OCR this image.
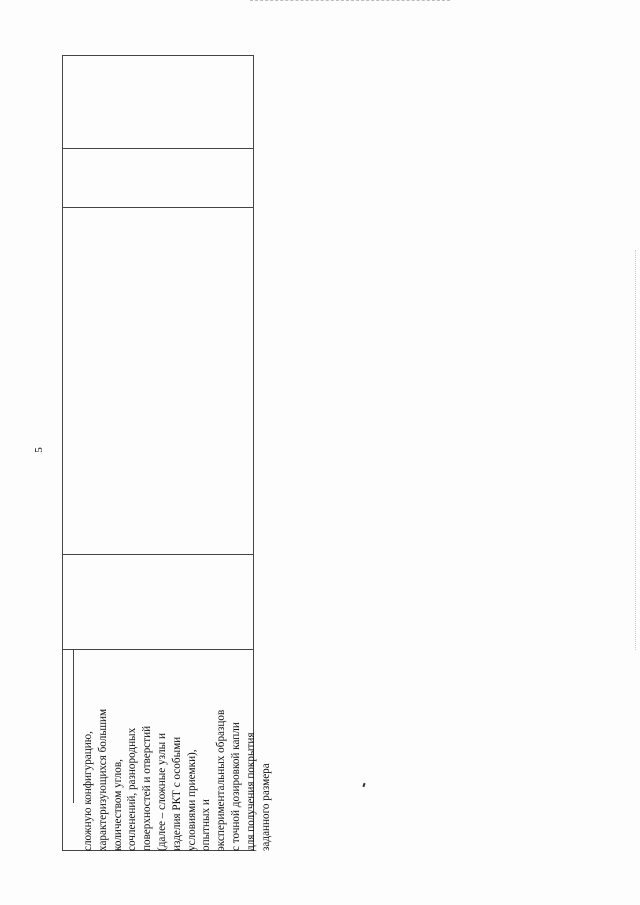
5
сложную конфигурацию, характеризующихся большим количеством углов, сочленений, разнородных поверхностей и отверстий (далее – сложные узлы и изделия РКТ с особыми условиями приемки), опытных и экспериментальных образцов с точной дозировкой капли для получения покрытия заданного размера
